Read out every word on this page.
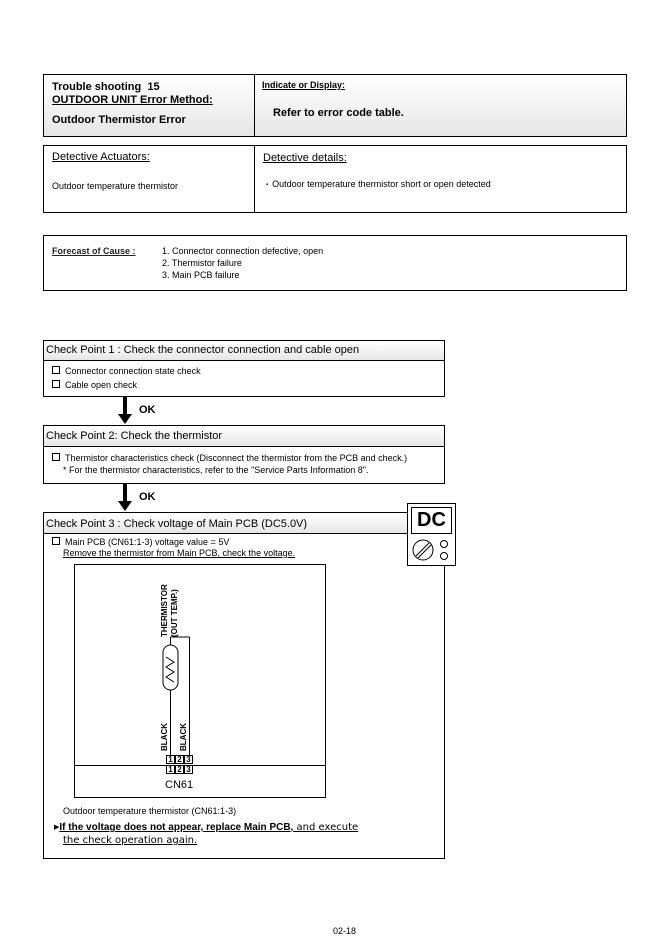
Trouble shooting  15
OUTDOOR UNIT Error Method:
Outdoor Thermistor Error
Indicate or Display:
Refer to error code table.
Detective Actuators:
Outdoor temperature thermistor
Detective details:
▪ Outdoor temperature thermistor short or open detected
Forecast of Cause :	1. Connector connection defective, open
2. Thermistor failure
3. Main PCB failure
Check Point 1 : Check the connector connection and cable open
Connector connection state check
Cable open check
OK
Check Point 2: Check the thermistor
Thermistor characteristics check (Disconnect the thermistor from the PCB and check.)
* For the thermistor characteristics, refer to the "Service Parts Information 8".
OK
Check Point 3 : Check voltage of Main PCB (DC5.0V)
Main PCB (CN61:1-3) voltage value = 5V
Remove the thermistor from Main PCB, check the voltage.
THERMISTOR (OUT TEMP.)
BLACK BLACK
1 2 3
1 2 3
CN61
Outdoor temperature thermistor (CN61:1-3)
▶If the voltage does not appear, replace Main PCB, and execute
the check operation again.
DC
02-18
